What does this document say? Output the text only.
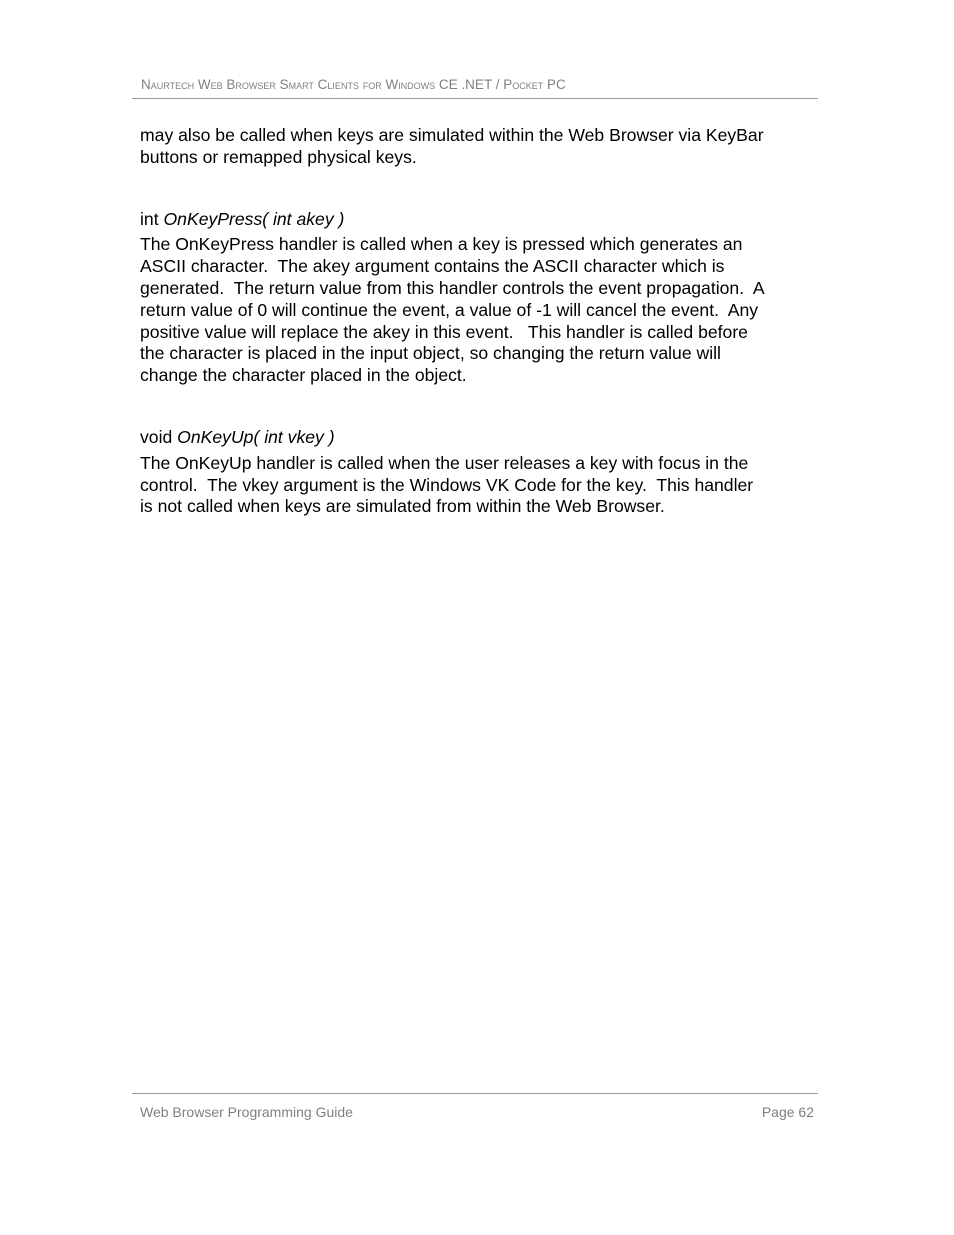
Naurtech Web Browser Smart Clients for Windows CE .NET / Pocket PC

may also be called when keys are simulated within the Web Browser via KeyBar
buttons or remapped physical keys.

int OnKeyPress( int akey )

The OnKeyPress handler is called when a key is pressed which generates an
ASCII character.  The akey argument contains the ASCII character which is
generated.  The return value from this handler controls the event propagation.  A
return value of 0 will continue the event, a value of -1 will cancel the event.  Any
positive value will replace the akey in this event.   This handler is called before
the character is placed in the input object, so changing the return value will
change the character placed in the object.

void OnKeyUp( int vkey )

The OnKeyUp handler is called when the user releases a key with focus in the
control.  The vkey argument is the Windows VK Code for the key.  This handler
is not called when keys are simulated from within the Web Browser.

Web Browser Programming Guide	Page 62
